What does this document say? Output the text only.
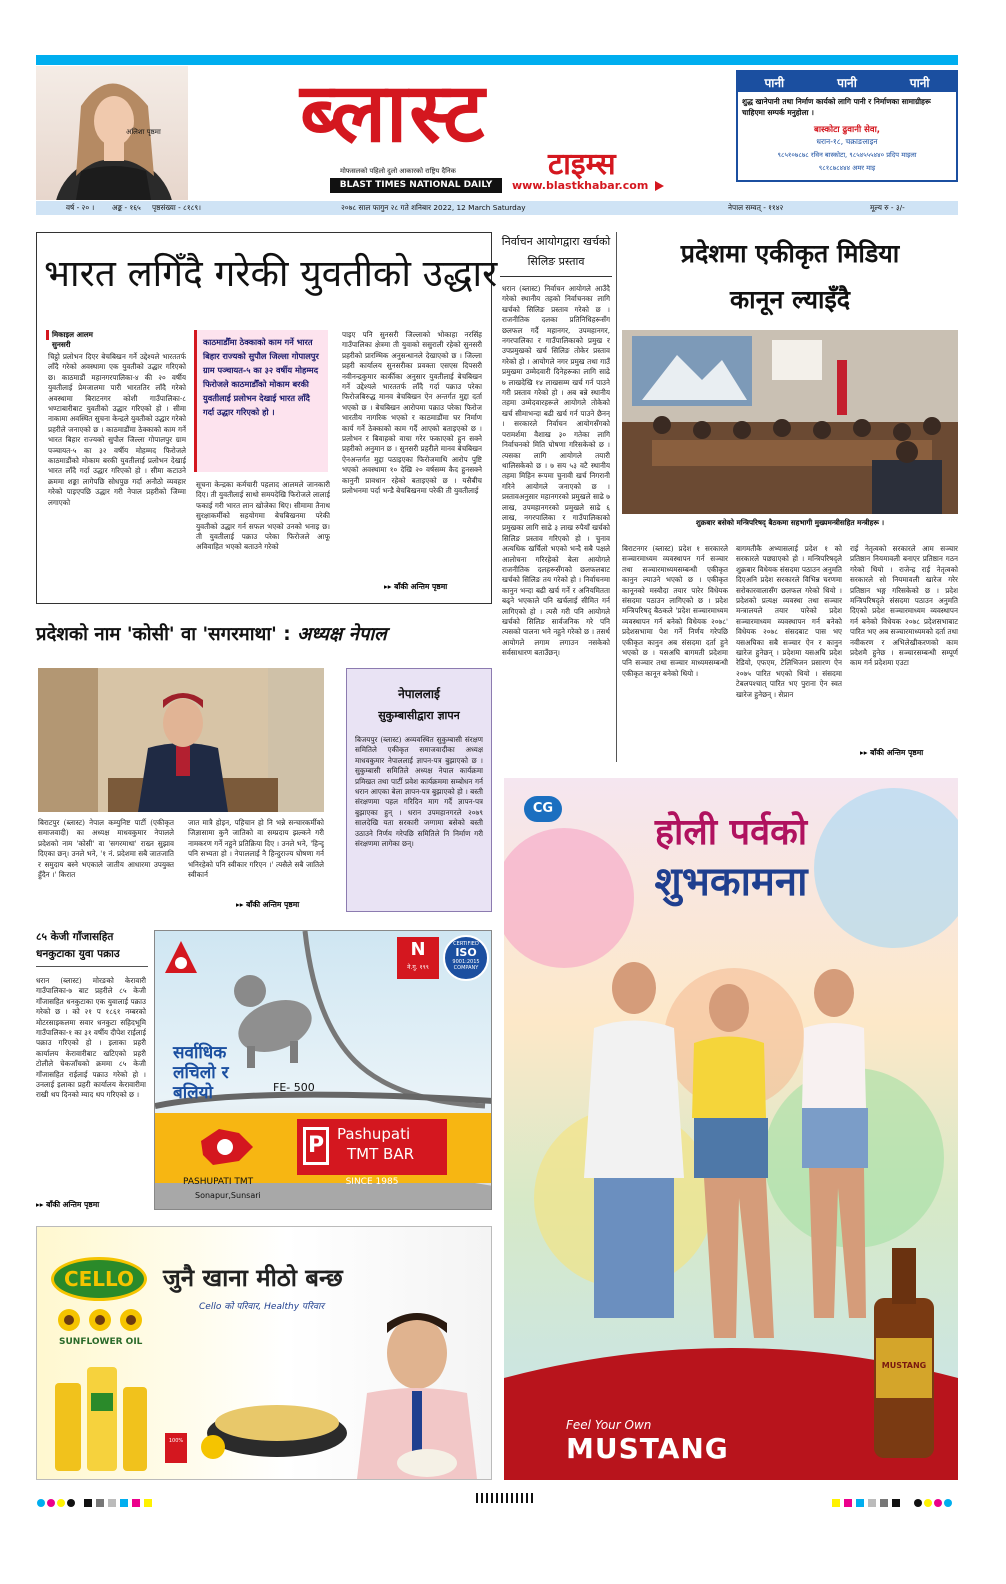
अलिशा पृष्ठमा ब्लास्ट
टाइम्स
मोफसलको पहिलो दुलो आकारको राष्ट्रिय दैनिक
BLAST TIMES NATIONAL DAILY	www.blastkhabar.com
पानी	पानी	पानी
शुद्ध खानेपानी तथा निर्माण कार्यको लागि पानी र निर्माणका सामाग्रीहरू चाहिएमा सम्पर्क मनुहोला ।
बास्कोटा ढुवानी सेवा,
धरान-१८, चक्राङलाइन
९८५१०७८७८ रविन बास्कोटा, ९८५४५५५४४० प्रदिप माइला
९८१८७८४४४ अमर माइ
वर्ष - २० । अङ्क - १६५ पृष्ठसंख्या - ८१८९।	२०७८ साल फागुन २८ गते शनिबार 2022, 12 March Saturday	नेपाल सम्वत् - ११४२	मूल्य रु - ३/-
भारत लगिँदै गरेकी युवतीको उद्धार
मिकाइल आलम
सुनसरी
चिट्ठो प्रलोभन दिएर बेचबिखन गर्ने उद्देश्यले भारततर्फ लाँदै गरेको अवस्थामा एक युवतीको उद्धार गरिएको छ। काठमाडौं महानगरपालिका-४ की २० वर्षीय युवतीलाई प्रेमजालमा पारी भारततिर लाँदै गरेको अवस्थामा बिराटनगर कोशी गाउँपालिका-८ भण्टाबारीबाट युवतीको उद्धार गरिएको हो । सीमा नाकामा अवस्थित सुचना केन्द्रले युवतीको उद्धार गरेको प्रहरीले जनाएको छ । काठमाडौंमा ठेक्काको काम गर्ने भारत बिहार राज्यको सुपौल जिल्ला गोपालपुर ग्राम पञ्चायत-५ का ३२ वर्षीय मोहम्मद फिरोजले काठमाडौंको मोकाम बरकी युवतीलाई प्रलोभन देखाई भारत लाँदै गर्दा उद्धार गरिएको हो । सीमा कटाउने क्रममा शङ्का लागेपछि सोधपुछ गर्दा अनौठो व्यवहार गरेको पाइएपछि उद्धार गरी नेपाल प्रहरीको जिम्मा लगाएको
काठमाडौँमा ठेक्काको काम गर्ने भारत बिहार राज्यको सुपौल जिल्ला गोपालपुर ग्राम पञ्चायत-५ का ३२ वर्षीय मोहम्मद फिरोजले काठमाडौँको मोकाम बरकी युवतीलाई प्रलोभन देखाई भारत लाँदै गर्दा उद्धार गरिएको हो ।
सूचना केन्द्रका कर्मचारी पहलाद आलमले जानकारी दिए। ती युवतीलाई साथो समयदेखि फिरोजले लालाई फकाई गरी भारत लान खोजेका थिए। सीमामा तैनाथ सुरक्षाकर्मीको सहयोगमा बेचबिखनमा परेकी युवतीको उद्धार गर्न सफल भएको उनको भनाइ छ। ती युवतीलाई पक्राउ परेका फिरोजले आफू अविवाहित भएको बताउने गरेको
पाइए पनि सुनसरी जिल्लाको भोकाहा नरसिंह गाउँपालिका क्षेत्रमा ती युवाको ससुराली रहेको सुनसरी प्रहरीको प्रारम्भिक अनुसन्धानले देखाएको छ । जिल्ला प्रहरी कार्यालय सुनसरीका प्रवक्ता एसएस दिपसरी नवीनन्द्रकुमार कार्कीका अनुसार युवतीलाई बेचबिखन गर्ने उद्देश्यले भारततर्फ लाँदै गर्दा पक्राउ परेका फिरोजबिरुद्ध मानव बेचबिखन ऐन अन्तर्गत मुद्दा दर्ता भएको छ । बेचबिखन आरोपमा पक्राउ परेका फिरोज भारतीय नागरिक भएको र काठमाडौंमा घर निर्माण कार्य गर्ने ठेक्काको काम गर्दै आएको बताइएको छ । प्रलोभन र बिवाहको वाचा गरेर फकाएको हुन सक्ने प्रहरीको अनुमान छ । सुनसरी प्रहरीले मानव बेचबिखन ऐनअन्तर्गत मुद्दा पठाइएका फिरोजमाथि आरोप पुष्टि भएको अवस्थामा १० देखि २० वर्षसम्म कैद हुनसक्ने कानुनी प्रावधान रहेको बताइएको छ । यसैबीच प्रलोभनमा पर्दा भन्डै बेचबिखनमा परेकी ती युवतीलाई
▸▸ बाँकी अन्तिम पृष्ठमा
निर्वाचन आयोगद्वारा खर्चको सिलिङ प्रस्ताव
धरान (ब्लास्ट) निर्वाचन आयोगले आउँदै गरेको स्थानीय तहको निर्वाचनका लागि खर्चको सिलिङ प्रस्ताव गरेको छ । राजनीतिक दलका प्रतिनिधिहरूसँग छलफल गर्दै महानगर, उपमहानगर, नगरपालिका र गाउँपालिकाको प्रमुख र उपप्रमुखको खर्च सिलिङ तोकेर प्रस्ताव गरेको हो । आयोगले नगर प्रमुख तथा गाउँ प्रमुखमा उम्मेदवारी दिनेहरूका लागि साढे ७ लाखदेखि १४ लाखसम्म खर्च गर्न पाउने गरी प्रस्ताव गरेको हो । अब बन्ने स्थानीय तहमा उम्मेदवारहरूले आयोगले तोकेको खर्च सीमाभन्दा बढी खर्च गर्न पाउने छैनन् । सरकारले निर्वाचन आयोगसँगको परामर्शमा वैशाख ३० गतेका लागि निर्वाचनको मिति घोषणा गरिसकेको छ । त्यसका लागि आयोगले तयारी थालिसकेको छ । ७ सय ५३ वटै स्थानीय तहमा मिहिन रूपमा चुनावी खर्च निगरानी गरिने आयोगले जनाएको छ । प्रस्तावअनुसार महानगरको प्रमुखले साढे ७ लाख, उपमहानगरको प्रमुखले साढे ६ लाख, नगरपालिका र गाउँपालिकाको प्रमुखका लागि साढे ३ लाख रुपैयाँ खर्चको सिलिङ प्रस्ताव गरिएको हो । चुनाव अत्यधिक खर्चिलो भएको भन्दै सबै पक्षले आलोचना गरिरहेको बेला आयोगले राजनीतिक दलहरूसँगको छलफलबाट खर्चको सिलिङ तय गरेको हो । निर्वाचनमा कानुन भन्दा बढी खर्च गर्ने र अनियमितता बढ्ने भएकाले पनि खर्चलाई सीमित गर्न लागिएको हो । त्यसै गरी पनि आयोगले खर्चको सिलिङ सार्वजनिक गरे पनि त्यसको पालना भने नहुने गरेको छ । तसर्थ आयोगले लगाम लगाउन नसकेको सर्वसाधारण बताउँछन्।
प्रदेशमा एकीकृत मिडिया
कानून ल्याइँदै
शुक्रबार बसेको मन्त्रिपरिषद् बैठकमा सहभागी मुख्यमन्त्रीसहित मन्त्रीहरू ।
बिराटनगर (ब्लास्ट) प्रदेश १ सरकारले सञ्चारमाध्यम व्यवस्थापन गर्न सञ्चार तथा सञ्चारमाध्यमसम्बन्धी एकीकृत कानुन ल्याउने भएको छ । एकीकृत कानूनको मस्यौदा तयार पारेर विधेयक संसदमा पठाउन लागिएको छ । प्रदेश मन्त्रिपरिषद् बैठकले 'प्रदेश सञ्चारमाध्यम व्यवस्थापन गर्न बनेको विधेयक २०७८' प्रदेशसभामा पेश गर्ने निर्णय गरेपछि एकीकृत कानुन अब संसदमा दर्ता हुने भएको छ । यसअघि बागमती प्रदेशमा पनि सञ्चार तथा सञ्चार माध्यमसम्बन्धी एकीकृत कानून बनेको थियो ।
बागमतीकै अभ्यासलाई प्रदेश १ को सरकारले पछ्याएको हो । मन्त्रिपरिषद्ले शुक्रबार विधेयक संसदमा पठाउन अनुमति दिएअनि प्रदेश सरकारले विभिन्न चरणमा सरोकारवालासँग छलफल गरेको थियो । प्रदेशको प्रत्यक्ष व्यवस्था तथा सञ्चार मन्त्रालयले तयार पारेको प्रदेश सञ्चारमाध्यम व्यवस्थापन गर्न बनेको विधेयक २०७८ संसदबाट पास भए यसअघिका सबै सञ्चार ऐन र कानुन खारेज हुनेछन् । प्रदेशमा यसअघि प्रदेश रेडियो, एफएम, टेलिभिजन प्रसारण ऐन २०७५ पारित भएको थियो । संसदमा टेबलपश्चात् पारित भए पुराना ऐन स्वत खारेज हुनेछन् । सेप्रान
राई नेतृत्वको सरकारले आम सञ्चार प्रतिष्ठान नियमावली बनाएर प्रतिष्ठान गठन गरेको थियो । राजेन्द्र राई नेतृत्वको सरकारले सो नियमावली खारेज गरेर प्रतिष्ठान भङ्ग गरिसकेको छ । प्रदेश मन्त्रिपरिषद्ले संसदमा पठाउन अनुमति दिएको प्रदेश सञ्चारमाध्यम व्यवस्थापन गर्न बनेको विधेयक २०७८ प्रदेशसभाबाट पारित भए अब सञ्चारमाध्यमको दर्ता तथा नवीकरण र अभिलेखीकरणको काम प्रदेशमै हुनेछ । सञ्चारसम्बन्धी सम्पूर्ण काम गर्न प्रदेशमा एउटा
▸▸ बाँकी अन्तिम पृष्ठमा
प्रदेशको नाम 'कोसी' वा 'सगरमाथा' : अध्यक्ष नेपाल
बिराटपुर (ब्लास्ट) नेपाल कम्युनिष्ट पार्टी (एकीकृत समाजवादी) का अध्यक्ष माधवकुमार नेपालले प्रदेशको नाम 'कोसी' वा 'सगरमाथा' राख्न सुझाव दिएका छन्। उनले भने, '१ नं. प्रदेशमा सबै जातजाति र समुदाय बस्ने भएकाले जातीय आधारमा उपयुक्त हुँदैन ।' किरात
जात मात्रै होइन, पहिचान हो नि भन्ने सन्चारकर्मीको जिज्ञासामा कुनै जातिको वा सम्प्रदाय झल्कने गरी नामकरण गर्ने नहुने प्रतिक्रिया दिए । उनले भने, 'हिन्दू पनि सभ्यता हो । नेपाललाई नै हिन्दुराज्य घोषणा गर्न भनिरहेको पनि स्वीकार गरिएन ।' त्यसैले सबै जातिले स्वीकार्न
▸▸ बाँकी अन्तिम पृष्ठमा
नेपाललाई
सुकुम्बासीद्वारा ज्ञापन
बिजयपुर (ब्लास्ट) अव्यवस्थित सुकुम्बासी संरक्षण समितिले एकीकृत समाजवादीका अध्यक्ष माधवकुमार नेपाललाई ज्ञापन-पत्र बुझाएको छ । सुकुम्बासी समितिले अध्यक्ष नेपाल कार्यक्रमा प्रमिखत तथा पार्टी प्रवेश कार्यक्रममा सम्बोधन गर्न धरान आएका बेला ज्ञापन-पत्र बुझाएको हो । बस्ती संरक्षणमा पहल गरिदिन माग गर्दै ज्ञापन-पत्र बुझाएका हुन् । धरान उपमहानगरले २०७९ सालदेखि यता सरकारी जग्गामा बसेको बस्ती उठाउने निर्णय गरेपछि समितिले नि निर्माण गरी संरक्षणमा लागेका छन्।
८५ केजी गाँजासहित
धनकुटाका युवा पक्राउ
धरान (ब्लास्ट) मोरङको केरावारी गाउँपालिका-७ बाट प्रहरीले ८५ केजी गाँजासहित धनकुटाका एक युवालाई पक्राउ गरेको छ । को २१ प १८६१ नम्बरको मोटरसाइकलमा सवार धनकुटा सहिदभूमि गाउँपालिका-१ का ३१ वर्षीय दीपेश राईलाई पक्राउ गरिएको हो । इलाका प्रहरी कार्यालय केरावारीबाट खटिएको प्रहरी टोलीले चेकजाँचको क्रममा ८५ केजी गाँजासहित राईलाई पक्राउ गरेको हो । उनलाई इलाका प्रहरी कार्यालय केरावारीमा राखी थप दिनको म्याद थप गरिएको छ ।
▸▸ बाँकी अन्तिम पृष्ठमा
N
ने.गु. १९९
CERTIFIED
ISO
9001:2015
COMPANY
सर्वाधिक
लचिलो र
बलियो	FE- 500
P Pashupati
TMT BAR
SINCE 1985
PASHUPATI TMT
Sonapur,Sunsari
CG
होली पर्वको
शुभकामना
MUSTANG
Feel Your Own
MUSTANG
CELLO
SUNFLOWER OIL
जुनै खाना मीठो बन्छ
Cello को परिवार, Healthy परिवार
100%
